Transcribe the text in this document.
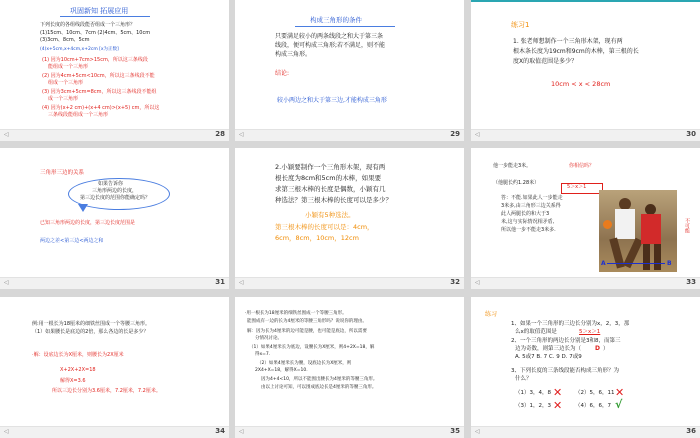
巩固新知 拓展应用
下列长度的各组线段能否组成一个三角形？
(1)15cm、10cm、7cm (2)4cm、5cm、10cm
(3)3cm、8cm、5cm
(4)x+5cm,x+4cm,x+2cm [x为正数]
(1) 因为10cm+7cm>15cm，所以这三条线段
能组成一个三角形
(2) 因为4cm+5cm<10cm，所以这三条线段不能
组成一个三角形
(3) 因为3cm+5cm=8cm，所以这三条线段不能组
成一个三角形
(4) 因为(x+2 cm)+(x+4 cm)>(x+5) cm，所以这
三条线段能组成一个三角形
◁	28
构成三角形的条件
只要满足较小的两条线段之和大于第三条
线段，便可构成三角形;若不满足，则不能
构成三角形。
结论:
较小两边之和大于第三边,才能构成三角形
◁	29
练习1
1. 张老师想制作一个三角形木架，现有两
根木条长度为19cm和9cm的木棒，第三根的长
度X的取值范围是多少？
10cm < x < 28cm
◁	30
三角形三边的关系
如果告诉你
三角形两边的长度，
第三边长度的范围你能确定吗？
已知三角形两边的长度，第三边长度范围是
两边之差<第三边<两边之和
◁	31
2.小颖要制作一个三角形木架，现有两
根长度为8cm和5cm的木棒，如果要
求第三根木棒的长度是偶数，小颖有几
种选法？第三根木棒的长度可以是多少？
小颖有5种选法。
第三根木棒的长度可以是：4cm，
6cm，8cm，10cm，12cm
◁	32
他一步能走3米。	你相信吗？
（他腿长约1.28米）
5＞x＞1
答：不能.如果此人一步能走
3米多,由三角形三边关系得
此人两腿长的和大于3
米,这与实际情况相矛盾,
所以他一步不能走3米多.
A	B
不可能
◁	33
例:用一根长为18厘米的细铁丝围成一个等腰三角形。
（1）如果腰长是底边的2倍，那么各边的长是多少？
·解：设底边长为X厘米，则腰长为2X厘米
X+2X+2X=18
解得X=3.6
所以三边长分别为3.6厘米，7.2厘米，7.2厘米。
◁	34
·用一根长为18厘米的细铁丝围成一个等腰三角形。
能围成有一边的长为4厘米的等腰三角形吗？说说你的理由。
解：因为长为4厘米的边可能是腰，也可能是底边，所以需要
分情况讨论。
（1）如果4厘米长为底边，设腰长为X厘米，则4+2X=18，解
得x=7.
（2）如果4厘米长为腰，设底边长为X厘米，则
2X4+X=18，解得X=10.
因为4+4<10，所以不能围出腰长为4厘米的等腰三角形。
由以上讨论可知，可以围成底边长是4厘米的等腰三角形。
◁	35
练习
1、如果一个三角形的三边长分别为x，2，3，那
么x的取值范围是	5＞x＞1
2、一个三角形的两边长分别是3和8，而第三
边为奇数，则第三边长为（	）
D
A. 5或7 B. 7 C. 9 D. 7或9
3、下列长度的三条线段能否构成三角形？为
什么？
（1）3，4，8 ✕ （2）5，6，11 ✕
（3）1，2，3 ✕ （4）6，6，7 √
◁	36
